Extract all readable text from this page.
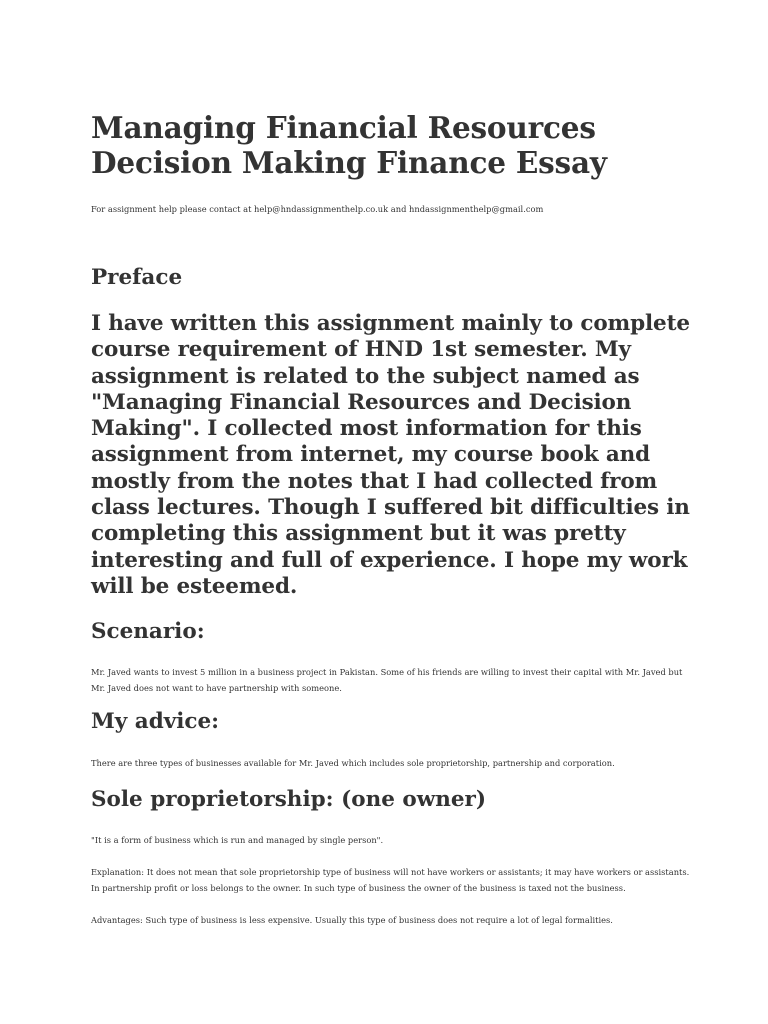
Managing Financial Resources Decision Making Finance Essay
For assignment help please contact at help@hndassignmenthelp.co.uk and hndassignmenthelp@gmail.com
Preface

I have written this assignment mainly to complete course requirement of HND 1st semester. My assignment is related to the subject named as "Managing Financial Resources and Decision Making". I collected most information for this assignment from internet, my course book and mostly from the notes that I had collected from class lectures. Though I suffered bit difficulties in completing this assignment but it was pretty interesting and full of experience. I hope my work will be esteemed.

Scenario:

Mr. Javed wants to invest 5 million in a business project in Pakistan. Some of his friends are willing to invest their capital with Mr. Javed but Mr. Javed does not want to have partnership with someone.

My advice:

There are three types of businesses available for Mr. Javed which includes sole proprietorship, partnership and corporation.

Sole proprietorship: (one owner)

"It is a form of business which is run and managed by single person".

Explanation: It does not mean that sole proprietorship type of business will not have workers or assistants; it may have workers or assistants. In partnership profit or loss belongs to the owner. In such type of business the owner of the business is taxed not the business.

Advantages: Such type of business is less expensive. Usually this type of business does not require a lot of legal formalities.
